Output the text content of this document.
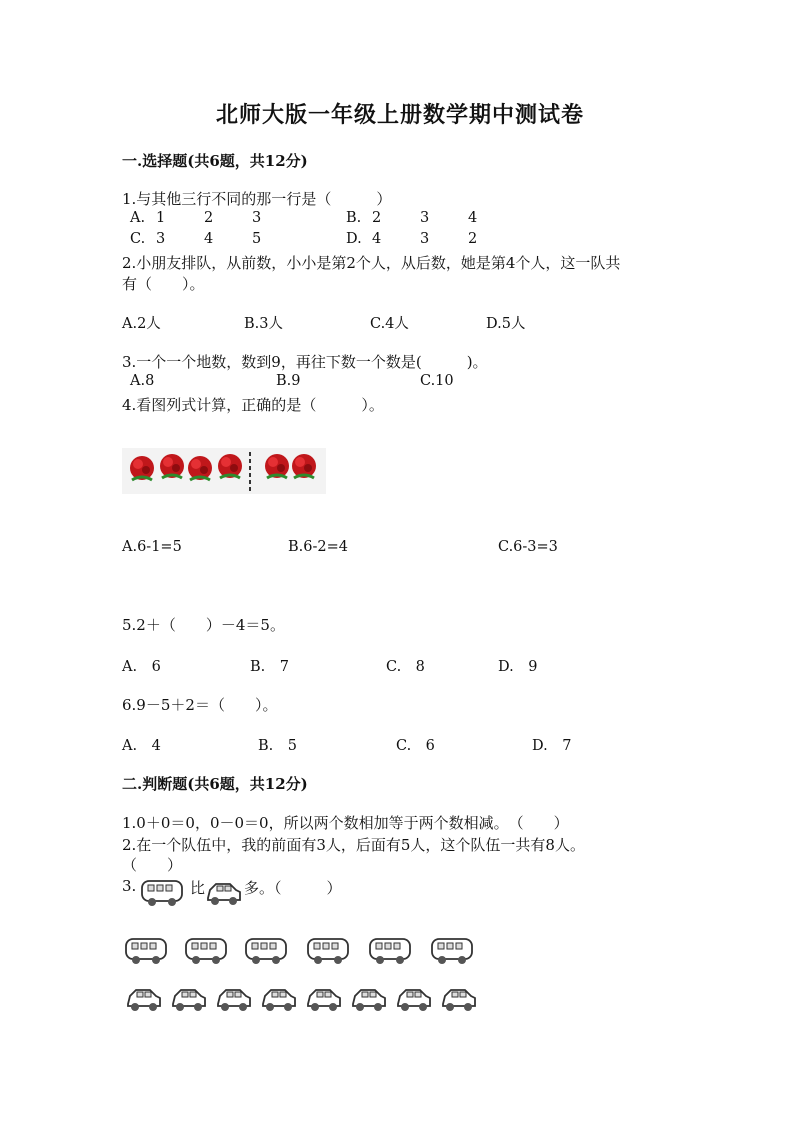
北师大版一年级上册数学期中测试卷
一.选择题(共6题，共12分)
1.与其他三行不同的那一行是（　　　）
A. 1	2	3	B. 2	3	4
C. 3	4	5	D. 4	3	2
2.小朋友排队，从前数，小小是第2个人，从后数，她是第4个人，这一队共
有（　　）。
A.2人	B.3人	C.4人	D.5人
3.一个一个地数，数到9，再往下数一个数是(　　　)。
A.8	B.9	C.10
4.看图列式计算，正确的是（　　　）。
A.6-1=5	B.6-2=4	C.6-3=3
5.2＋（　　）－4＝5。
A.　6	B.　7	C.　8	D.　9
6.9－5＋2＝（　　）。
A.　4	B.　5	C.　6	D.　7
二.判断题(共6题，共12分)
1.0＋0＝0，0－0＝0，所以两个数相加等于两个数相减。　（　　）
2.在一个队伍中，我的前面有3人，后面有5人，这个队伍一共有8人。
（　　）
3.	比	多。（　　　）
